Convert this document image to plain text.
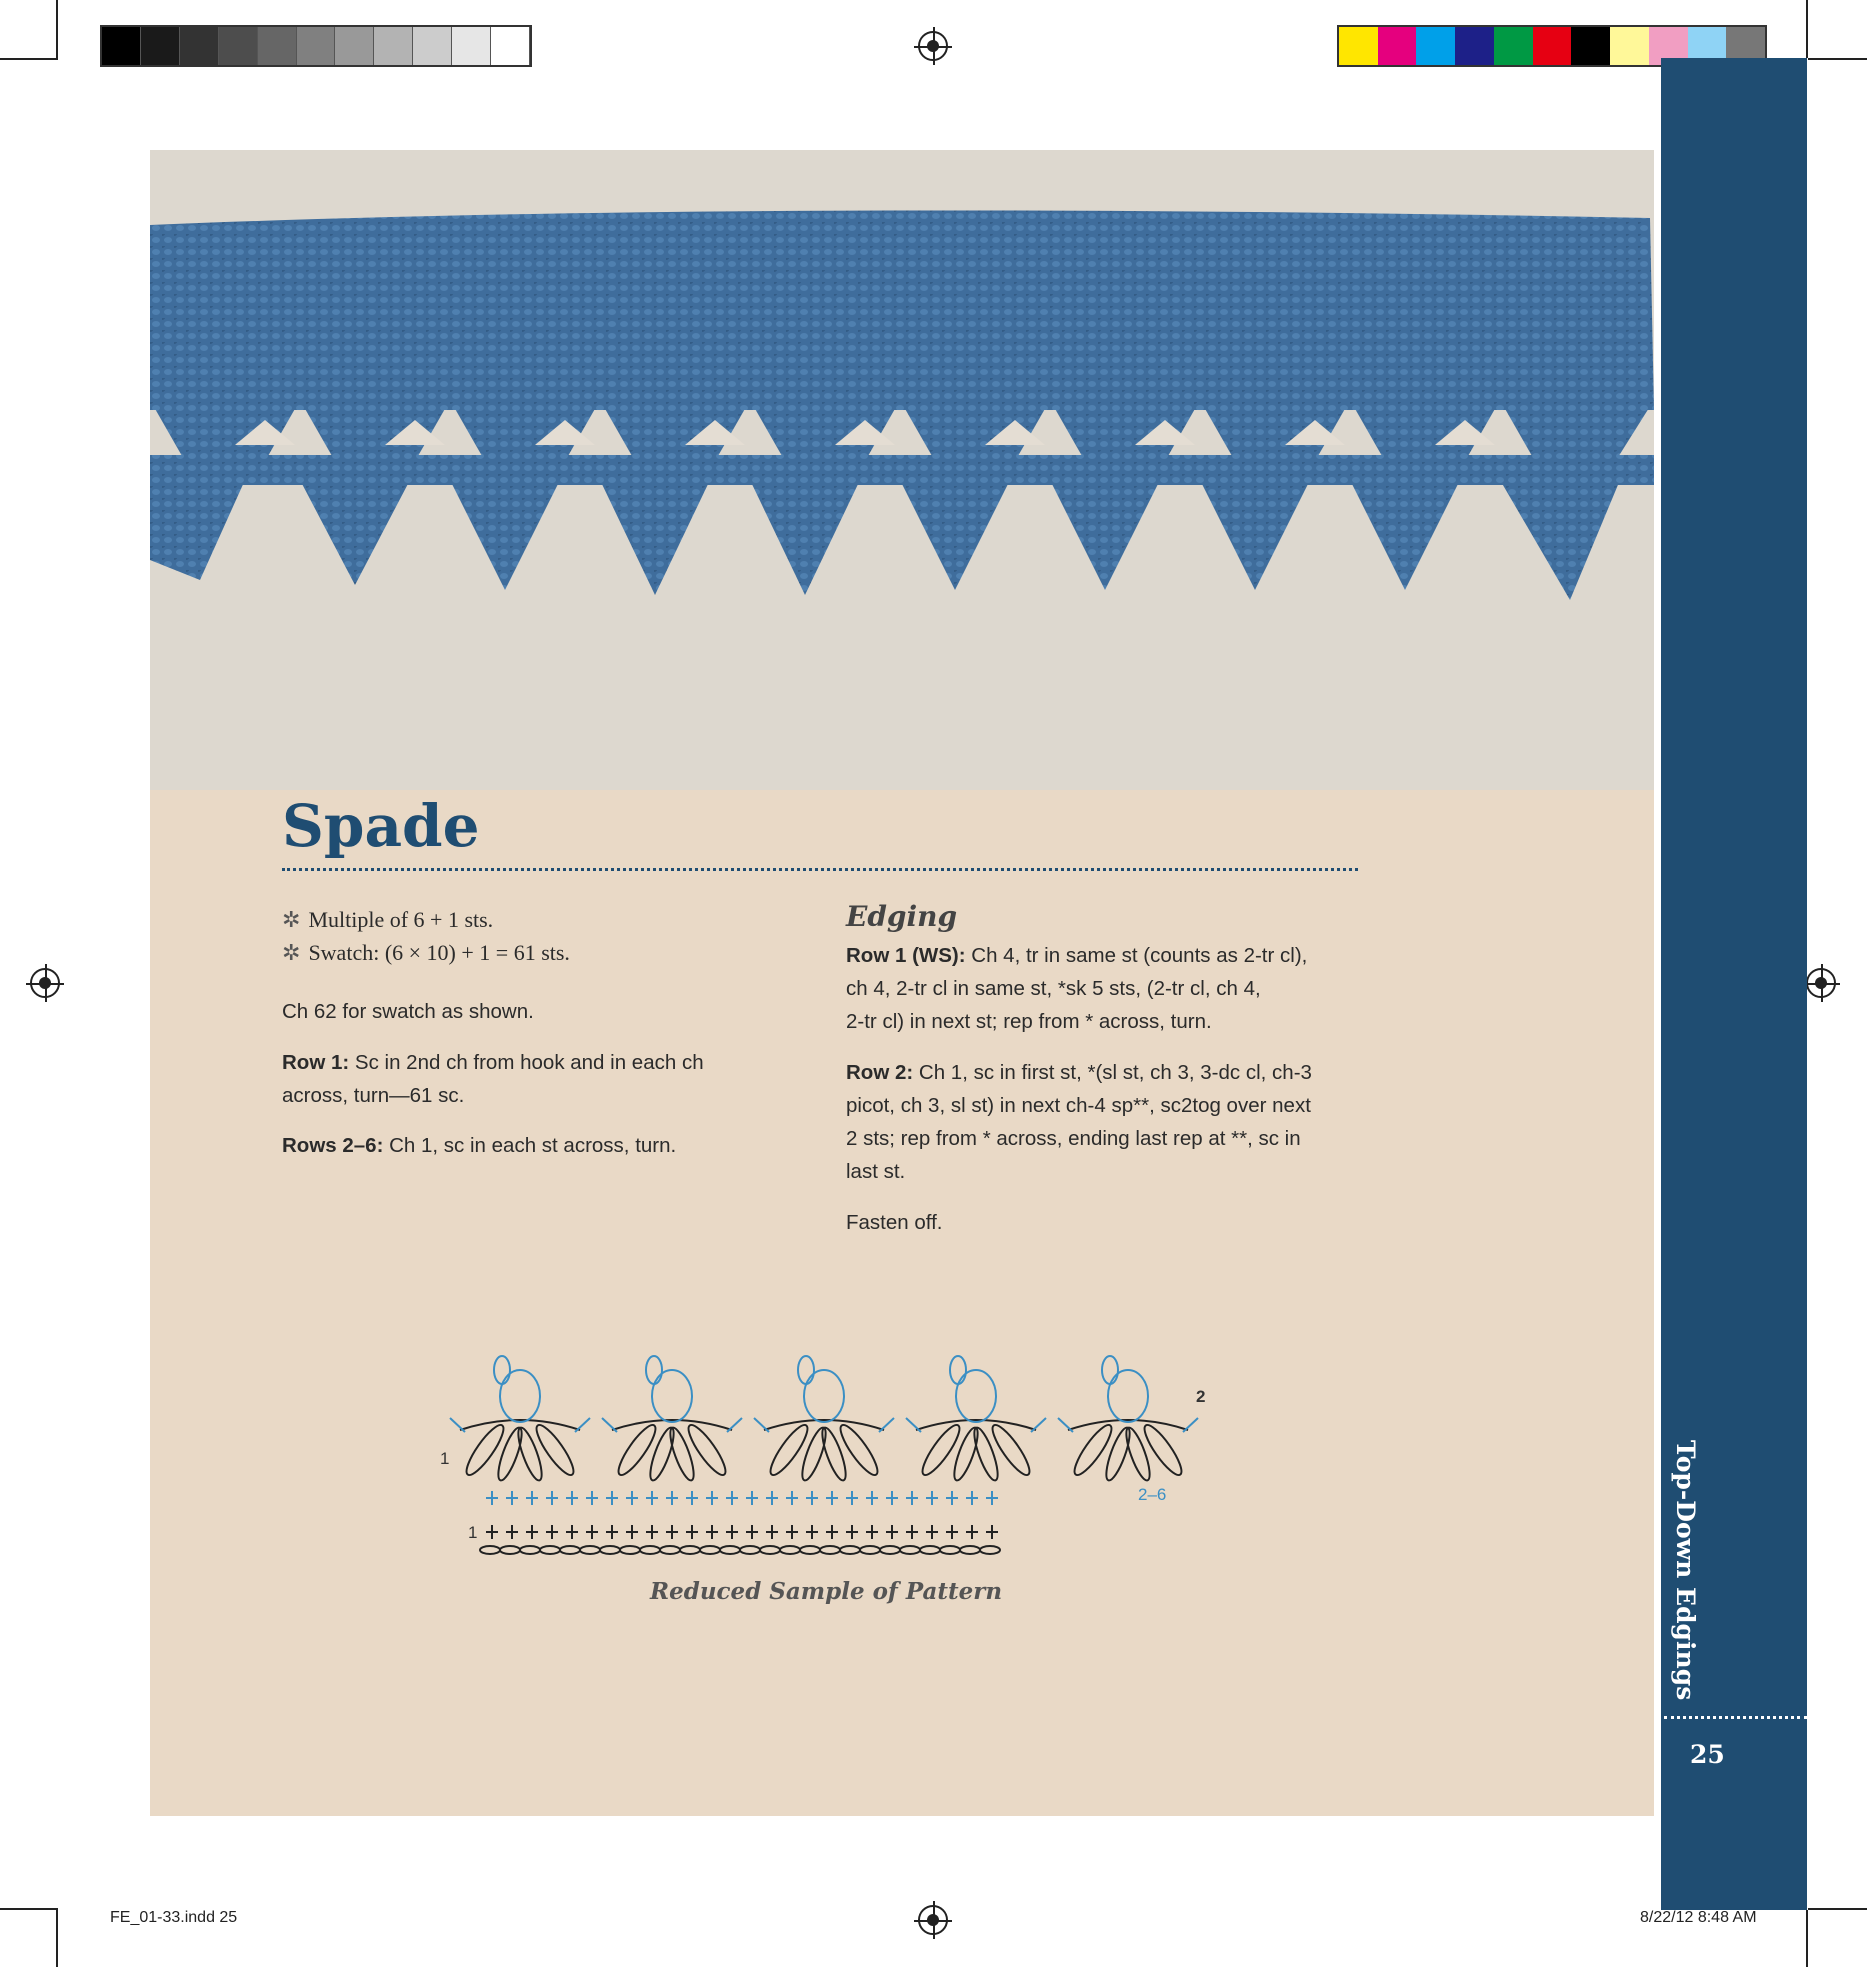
Top-Down Edgings
25
Spade
✲ Multiple of 6 + 1 sts.
✲ Swatch: (6 × 10) + 1 = 61 sts.
Ch 62 for swatch as shown.
Row 1: Sc in 2nd ch from hook and in each ch
across, turn—61 sc.
Rows 2–6: Ch 1, sc in each st across, turn.
Edging
Row 1 (WS): Ch 4, tr in same st (counts as 2-tr cl),
ch 4, 2-tr cl in same st, *sk 5 sts, (2-tr cl, ch 4,
2-tr cl) in next st; rep from * across, turn.
Row 2: Ch 1, sc in first st, *(sl st, ch 3, 3-dc cl, ch-3
picot, ch 3, sl st) in next ch-4 sp**, sc2tog over next
2 sts; rep from * across, ending last rep at **, sc in
last st.
Fasten off.
1
2
2–6
1
Reduced Sample of Pattern
FE_01-33.indd 25	8/22/12 8:48 AM
